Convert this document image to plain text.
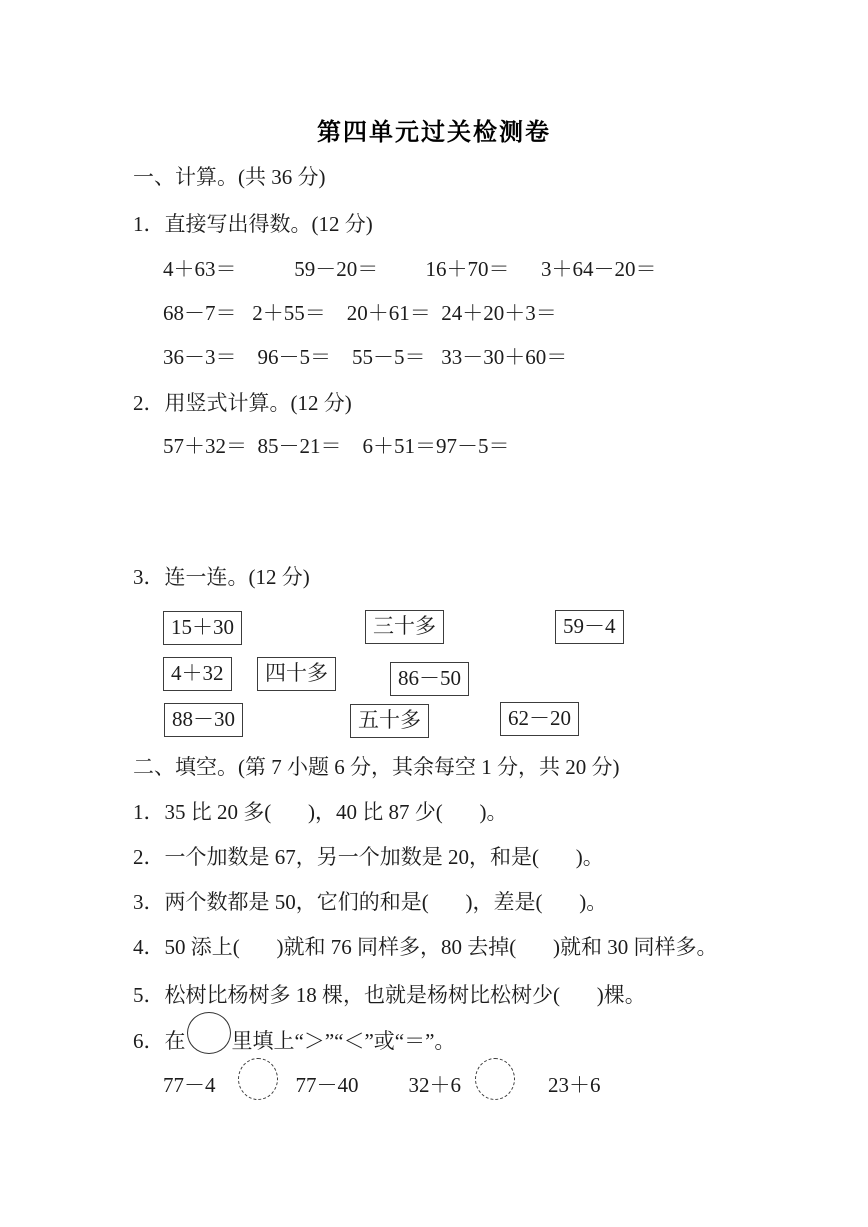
第四单元过关检测卷
一、计算。(共 36 分)
1．直接写出得数。(12 分)
4＋63＝           59－20＝         16＋70＝      3＋64－20＝
68－7＝   2＋55＝    20＋61＝  24＋20＋3＝
36－3＝    96－5＝    55－5＝   33－30＋60＝
2．用竖式计算。(12 分)
57＋32＝  85－21＝    6＋51＝97－5＝
3．连一连。(12 分)
15＋30	三十多	59－4
4＋32	四十多	86－50
88－30	五十多	62－20
二、填空。(第 7 小题 6 分，其余每空 1 分，共 20 分)
1．35 比 20 多(       )，40 比 87 少(       )。
2．一个加数是 67，另一个加数是 20，和是(       )。
3．两个数都是 50，它们的和是(       )，差是(       )。
4．50 添上(       )就和 76 同样多，80 去掉(       )就和 30 同样多。
5．松树比杨树多 18 棵，也就是杨树比松树少(       )棵。
6．在 里填上“＞”“＜”或“＝”。
77－4	77－40 32＋6	23＋6
